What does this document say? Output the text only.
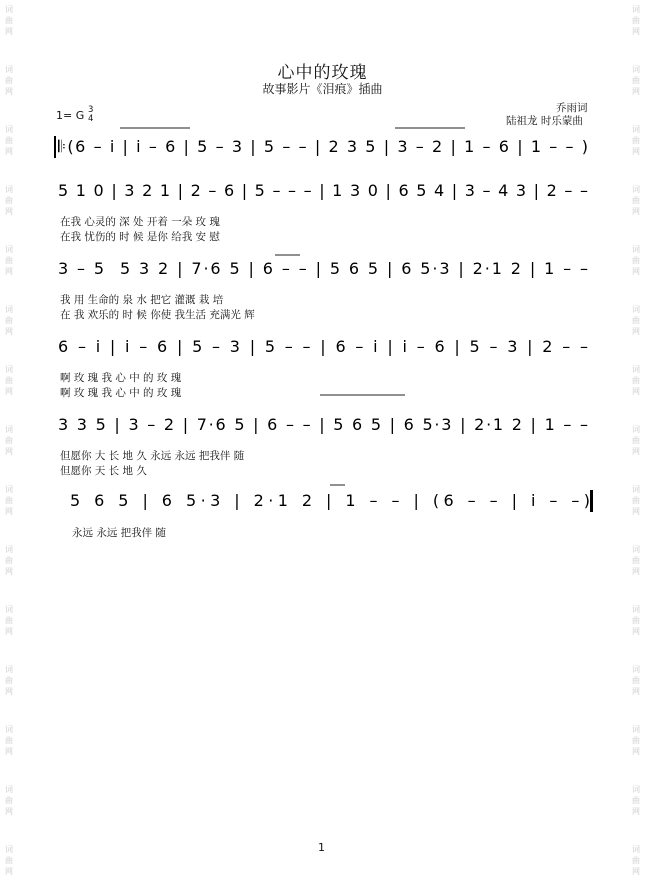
词曲网
词曲网
词曲网
词曲网
词曲网
词曲网
词曲网
词曲网
词曲网
词曲网
词曲网
词曲网
词曲网
词曲网
词曲网
词曲网
词曲网
词曲网
词曲网
词曲网
词曲网
词曲网
词曲网
词曲网
词曲网
词曲网
词曲网
词曲网
词曲网
词曲网
心中的玫瑰
故事影片《泪痕》插曲
乔雨词
陆祖龙 时乐蒙曲
1= G 3
4
𝄆(6 – i | i – 6 | 5 – 3 | 5 – – | 2 3 5 | 3 – 2 | 1 – 6 | 1 – – )
5 1 0 | 3 2 1 | 2 – 6 | 5 – – – | 1 3 0 | 6 5 4 | 3 – 4 3 | 2 – –
3 – 5  5 3 2 | 7·6 5 | 6 – – | 5 6 5 | 6 5·3 | 2·1 2 | 1 – –
6 – i | i – 6 | 5 – 3 | 5 – – | 6 – i | i – 6 | 5 – 3 | 2 – –
3 3 5 | 3 – 2 | 7·6 5 | 6 – – | 5 6 5 | 6 5·3 | 2·1 2 | 1 – –
5 6 5 | 6 5·3 | 2·1 2 | 1 – – | (6 – – | i – –)
在我 心灵的 深 处 开着 一朵 玫 瑰
在我 忧伤的 时 候 是你 给我 安 慰
我 用 生命的 泉 水 把它 灌溉 栽 培
在 我 欢乐的 时 候 你使 我生活 充满光 辉
啊 玫 瑰 我 心 中 的 玫 瑰
啊 玫 瑰 我 心 中 的 玫 瑰
但愿你 大 长 地 久 永远 永远 把我伴 随
但愿你 天 长 地 久
永远 永远 把我伴 随
1
